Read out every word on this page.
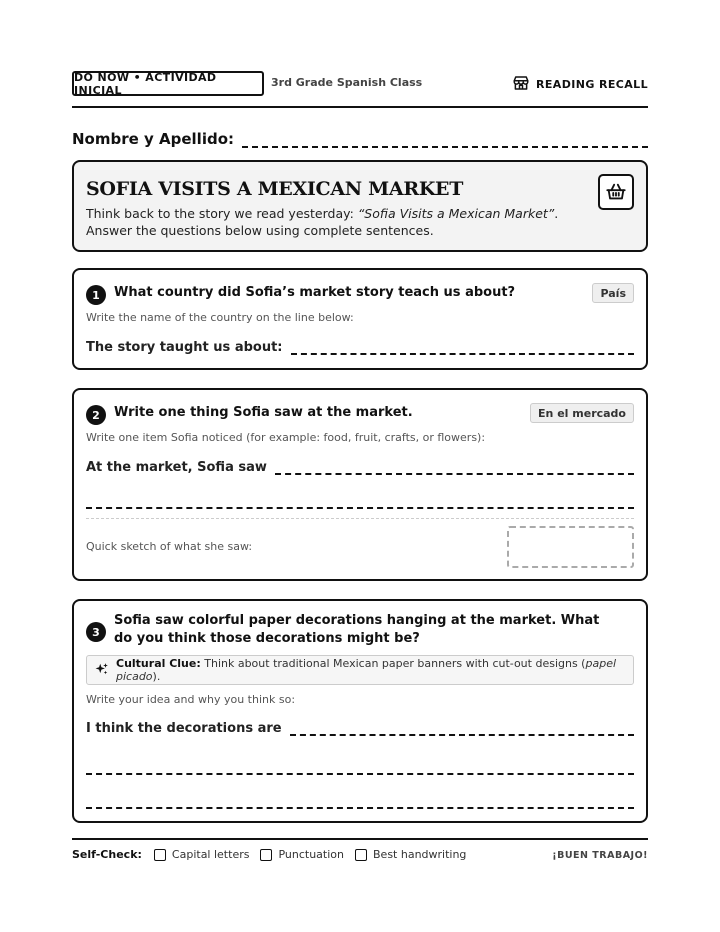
DO NOW • ACTIVIDAD INICIAL
3rd Grade Spanish Class	READING RECALL
Nombre y Apellido:
SOFIA VISITS A MEXICAN MARKET
Think back to the story we read yesterday: “Sofia Visits a Mexican Market”. Answer the questions below using complete sentences.
1	What country did Sofia’s market story teach us about?	País
Write the name of the country on the line below:
The story taught us about:
2	Write one thing Sofia saw at the market.	En el mercado
Write one item Sofia noticed (for example: food, fruit, crafts, or flowers):
At the market, Sofia saw
Quick sketch of what she saw:
3
Sofia saw colorful paper decorations hanging at the market. What do you think those decorations might be?
Cultural Clue: Think about traditional Mexican paper banners with cut-out designs (papel picado).
Write your idea and why you think so:
I think the decorations are
Self-Check:	Capital letters	Punctuation	Best handwriting	¡BUEN TRABAJO!
